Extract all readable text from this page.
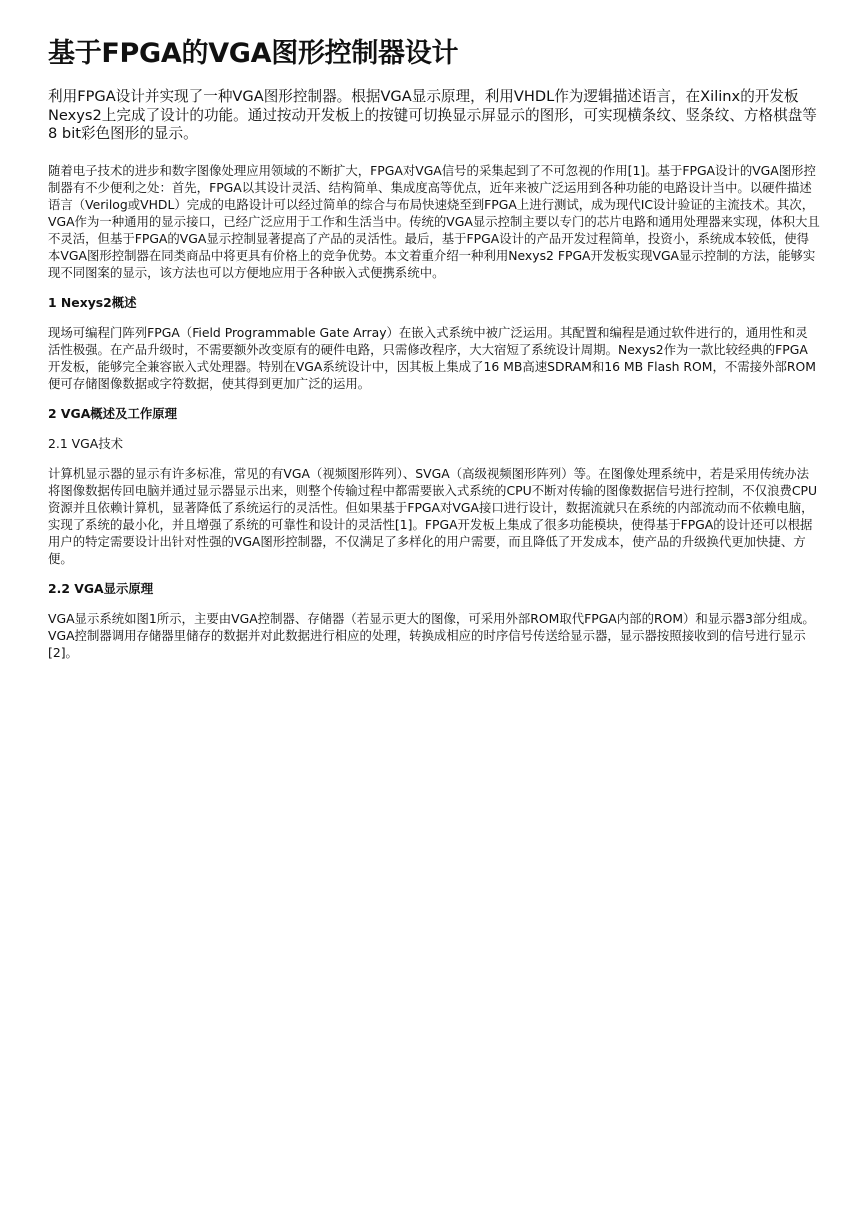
基于FPGA的VGA图形控制器设计

利用FPGA设计并实现了一种VGA图形控制器。根据VGA显示原理，利用VHDL作为逻辑描述语言，在Xilinx的开发板Nexys2上完成了设计的功能。通过按动开发板上的按键可切换显示屏显示的图形，可实现横条纹、竖条纹、方格棋盘等8 bit彩色图形的显示。

随着电子技术的进步和数字图像处理应用领域的不断扩大，FPGA对VGA信号的采集起到了不可忽视的作用[1]。基于FPGA设计的VGA图形控制器有不少便利之处：首先，FPGA以其设计灵活、结构简单、集成度高等优点，近年来被广泛运用到各种功能的电路设计当中。以硬件描述语言（Verilog或VHDL）完成的电路设计可以经过简单的综合与布局快速烧至到FPGA上进行测试，成为现代IC设计验证的主流技术。其次，VGA作为一种通用的显示接口，已经广泛应用于工作和生活当中。传统的VGA显示控制主要以专门的芯片电路和通用处理器来实现，体积大且不灵活，但基于FPGA的VGA显示控制显著提高了产品的灵活性。最后，基于FPGA设计的产品开发过程简单，投资小，系统成本较低，使得本VGA图形控制器在同类商品中将更具有价格上的竞争优势。本文着重介绍一种利用Nexys2 FPGA开发板实现VGA显示控制的方法，能够实现不同图案的显示，该方法也可以方便地应用于各种嵌入式便携系统中。

1 Nexys2概述

现场可编程门阵列FPGA（Field Programmable Gate Array）在嵌入式系统中被广泛运用。其配置和编程是通过软件进行的，通用性和灵活性极强。在产品升级时，不需要额外改变原有的硬件电路，只需修改程序，大大宿短了系统设计周期。Nexys2作为一款比较经典的FPGA开发板，能够完全兼容嵌入式处理器。特别在VGA系统设计中，因其板上集成了16 MB高速SDRAM和16 MB Flash ROM，不需接外部ROM便可存储图像数据或字符数据，使其得到更加广泛的运用。

2 VGA概述及工作原理
2.1 VGA技术

计算机显示器的显示有许多标准，常见的有VGA（视频图形阵列）、SVGA（高级视频图形阵列）等。在图像处理系统中，若是采用传统办法将图像数据传回电脑并通过显示器显示出来，则整个传输过程中都需要嵌入式系统的CPU不断对传输的图像数据信号进行控制，不仅浪费CPU资源并且依赖计算机，显著降低了系统运行的灵活性。但如果基于FPGA对VGA接口进行设计，数据流就只在系统的内部流动而不依赖电脑，实现了系统的最小化，并且增强了系统的可靠性和设计的灵活性[1]。FPGA开发板上集成了很多功能模块，使得基于FPGA的设计还可以根据用户的特定需要设计出针对性强的VGA图形控制器，不仅满足了多样化的用户需要，而且降低了开发成本，使产品的升级换代更加快捷、方便。

2.2 VGA显示原理

VGA显示系统如图1所示，主要由VGA控制器、存储器（若显示更大的图像，可采用外部ROM取代FPGA内部的ROM）和显示器3部分组成。VGA控制器调用存储器里储存的数据并对此数据进行相应的处理，转换成相应的时序信号传送给显示器，显示器按照接收到的信号进行显示[2]。
